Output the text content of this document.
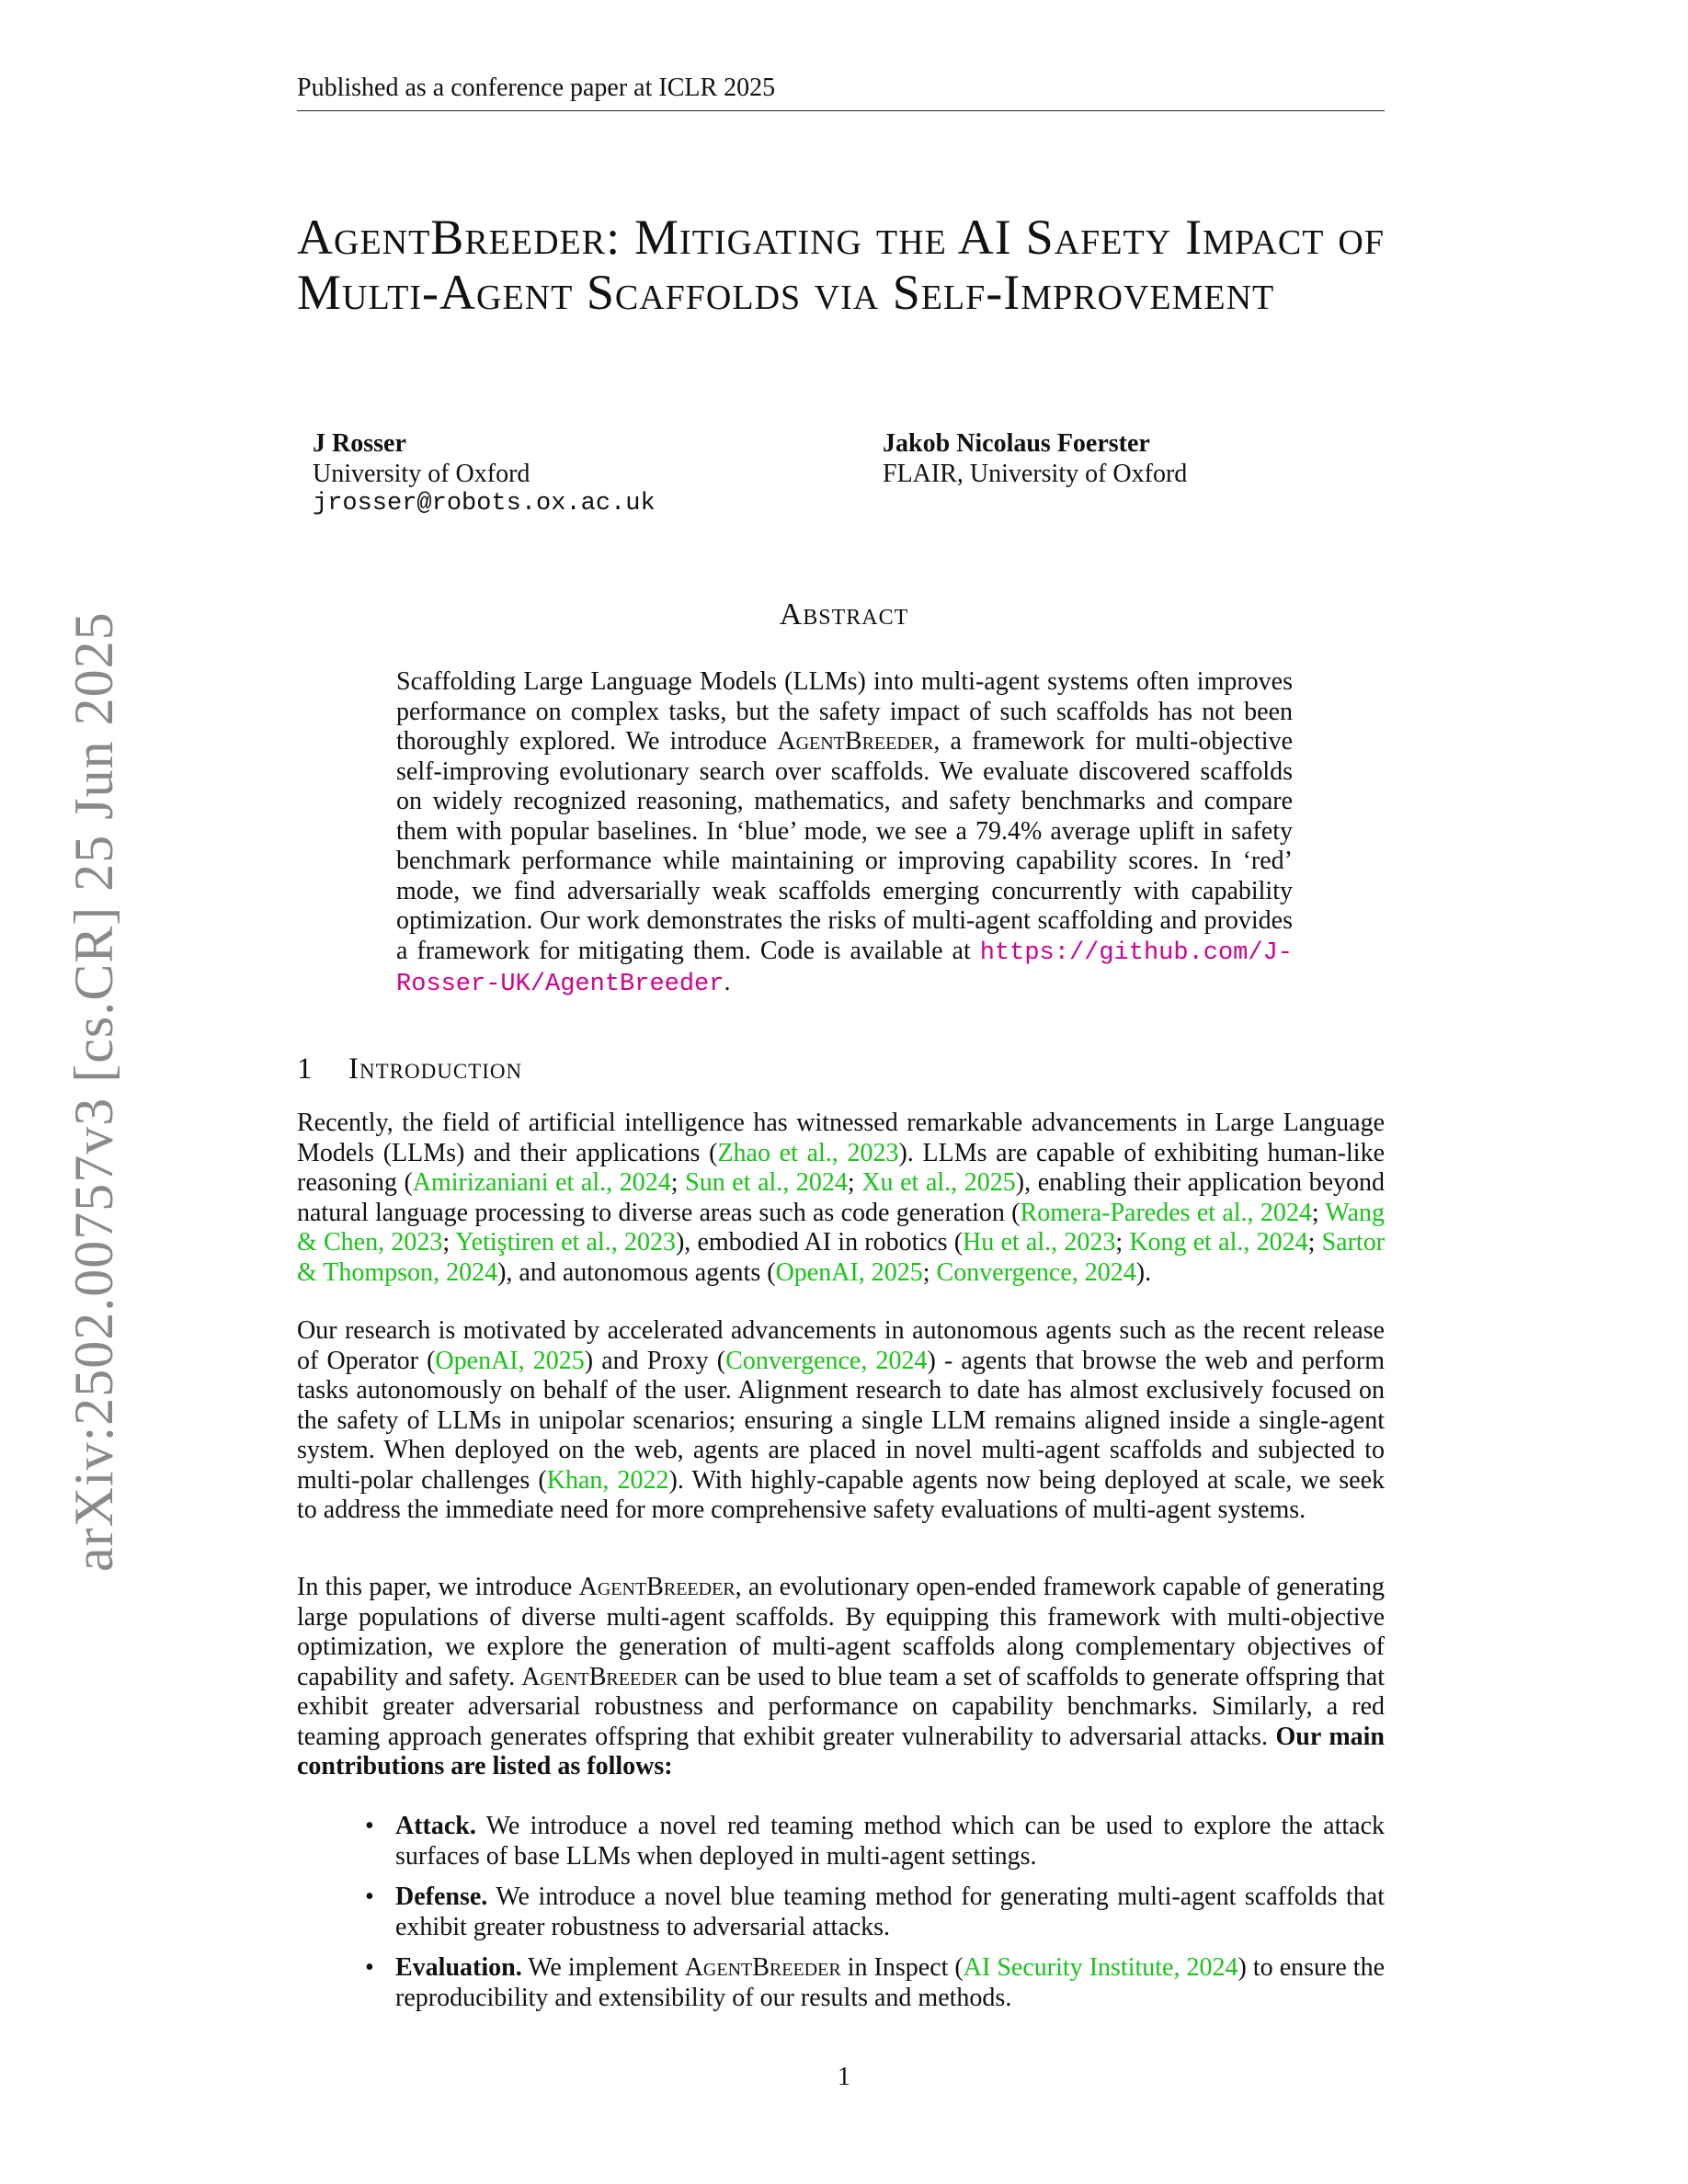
Published as a conference paper at ICLR 2025
arXiv:2502.00757v3 [cs.CR] 25 Jun 2025
AgentBreeder: Mitigating the AI Safety Impact of Multi-Agent Scaffolds via Self-Improvement
J Rosser
University of Oxford
jrosser@robots.ox.ac.uk
Jakob Nicolaus Foerster
FLAIR, University of Oxford
Abstract
Scaffolding Large Language Models (LLMs) into multi-agent systems often improves performance on complex tasks, but the safety impact of such scaffolds has not been thoroughly explored. We introduce AgentBreeder, a framework for multi-objective self-improving evolutionary search over scaffolds. We evaluate discovered scaffolds on widely recognized reasoning, mathematics, and safety benchmarks and compare them with popular baselines. In ‘blue’ mode, we see a 79.4% average uplift in safety benchmark performance while maintaining or improving capability scores. In ‘red’ mode, we find adversarially weak scaffolds emerging concurrently with capability optimization. Our work demonstrates the risks of multi-agent scaffolding and provides a framework for mitigating them. Code is available at https://github.com/J-Rosser-UK/AgentBreeder.
1 Introduction

Recently, the field of artificial intelligence has witnessed remarkable advancements in Large Language Models (LLMs) and their applications (Zhao et al., 2023). LLMs are capable of exhibiting human-like reasoning (Amirizaniani et al., 2024; Sun et al., 2024; Xu et al., 2025), enabling their application beyond natural language processing to diverse areas such as code generation (Romera-Paredes et al., 2024; Wang & Chen, 2023; Yetiştiren et al., 2023), embodied AI in robotics (Hu et al., 2023; Kong et al., 2024; Sartor & Thompson, 2024), and autonomous agents (OpenAI, 2025; Convergence, 2024).

Our research is motivated by accelerated advancements in autonomous agents such as the recent release of Operator (OpenAI, 2025) and Proxy (Convergence, 2024) - agents that browse the web and perform tasks autonomously on behalf of the user. Alignment research to date has almost exclusively focused on the safety of LLMs in unipolar scenarios; ensuring a single LLM remains aligned inside a single-agent system. When deployed on the web, agents are placed in novel multi-agent scaffolds and subjected to multi-polar challenges (Khan, 2022). With highly-capable agents now being deployed at scale, we seek to address the immediate need for more comprehensive safety evaluations of multi-agent systems.

In this paper, we introduce AgentBreeder, an evolutionary open-ended framework capable of generating large populations of diverse multi-agent scaffolds. By equipping this framework with multi-objective optimization, we explore the generation of multi-agent scaffolds along complementary objectives of capability and safety. AgentBreeder can be used to blue team a set of scaffolds to generate offspring that exhibit greater adversarial robustness and performance on capability benchmarks. Similarly, a red teaming approach generates offspring that exhibit greater vulnerability to adversarial attacks. Our main contributions are listed as follows:

• Attack. We introduce a novel red teaming method which can be used to explore the attack surfaces of base LLMs when deployed in multi-agent settings.
• Defense. We introduce a novel blue teaming method for generating multi-agent scaffolds that exhibit greater robustness to adversarial attacks.
• Evaluation. We implement AgentBreeder in Inspect (AI Security Institute, 2024) to ensure the reproducibility and extensibility of our results and methods.
1
